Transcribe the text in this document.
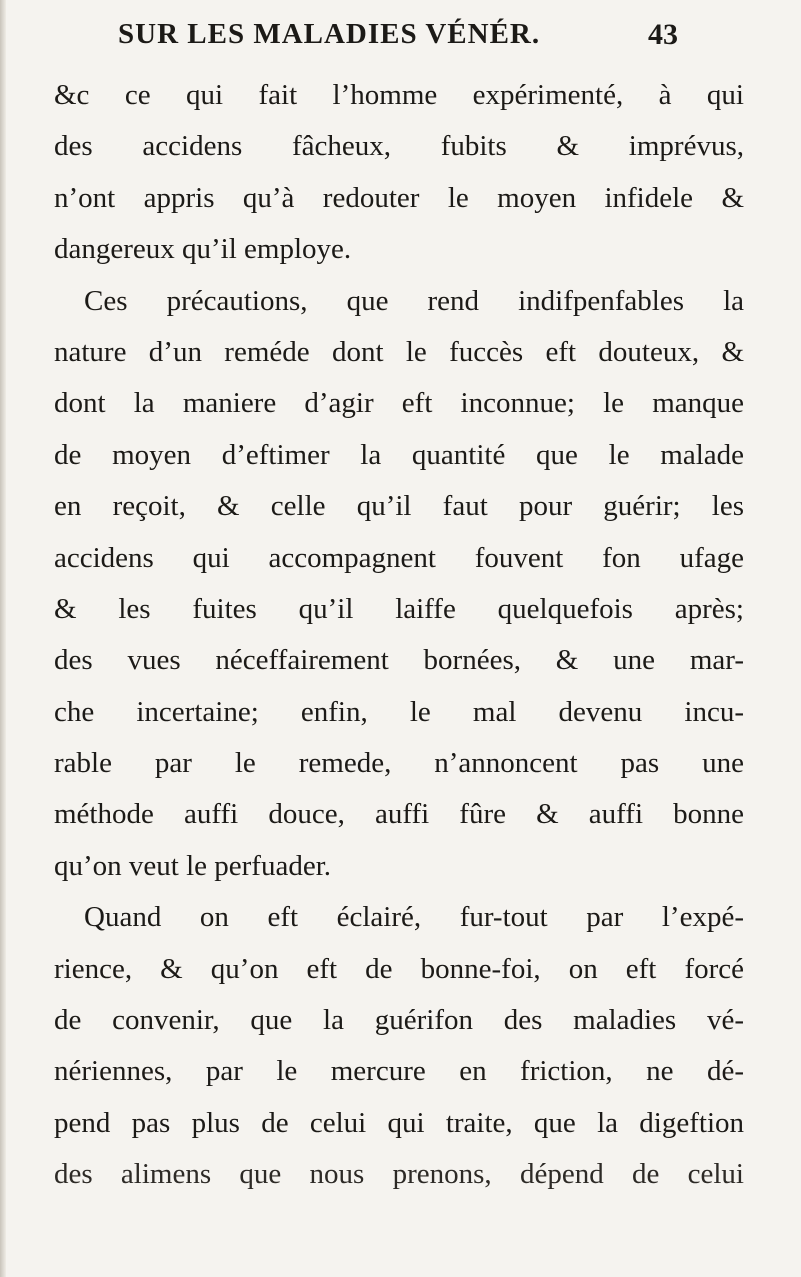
SUR LES MALADIES VÉNÉR.	43
&c ce qui fait l’homme expérimenté, à qui
des accidens fâcheux, fubits & imprévus,
n’ont appris qu’à redouter le moyen infidele &
dangereux qu’il employe.
Ces précautions, que rend indifpenfables la
nature d’un reméde dont le fuccès eft douteux, &
dont la maniere d’agir eft inconnue; le manque
de moyen d’eftimer la quantité que le malade
en reçoit, & celle qu’il faut pour guérir; les
accidens qui accompagnent fouvent fon ufage
& les fuites qu’il laiffe quelquefois après;
des vues néceffairement bornées, & une mar-
che incertaine; enfin, le mal devenu incu-
rable par le remede, n’annoncent pas une
méthode auffi douce, auffi fûre & auffi bonne
qu’on veut le perfuader.
Quand on eft éclairé, fur-tout par l’expé-
rience, & qu’on eft de bonne-foi, on eft forcé
de convenir, que la guérifon des maladies vé-
nériennes, par le mercure en friction, ne dé-
pend pas plus de celui qui traite, que la digeftion
des alimens que nous prenons, dépend de celui
